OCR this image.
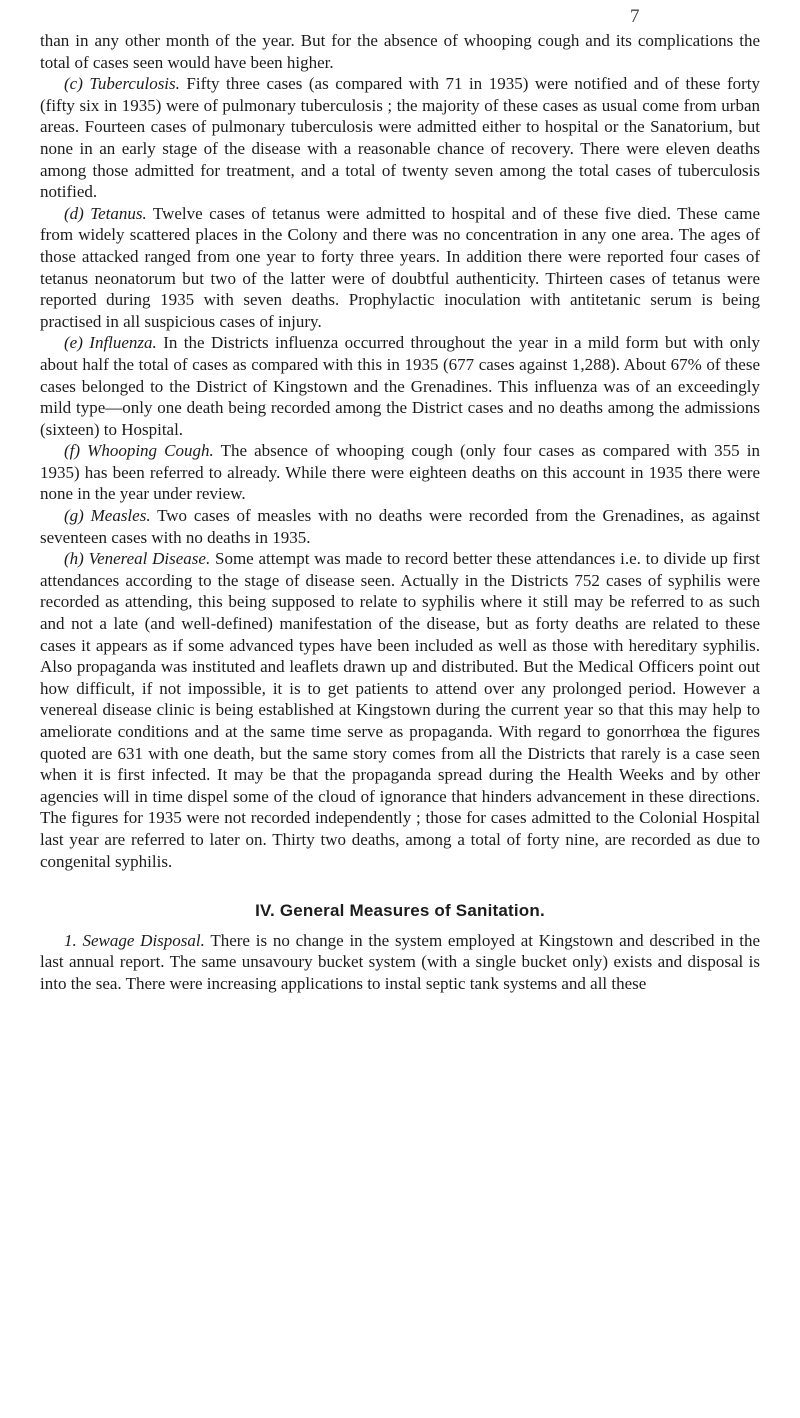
7

than in any other month of the year. But for the absence of whooping cough and its complications the total of cases seen would have been higher.

(c) Tuberculosis. Fifty three cases (as compared with 71 in 1935) were notified and of these forty (fifty six in 1935) were of pulmonary tuberculosis ; the majority of these cases as usual come from urban areas. Fourteen cases of pulmonary tuberculosis were admitted either to hospital or the Sanatorium, but none in an early stage of the disease with a reasonable chance of recovery. There were eleven deaths among those admitted for treatment, and a total of twenty seven among the total cases of tuberculosis notified.

(d) Tetanus. Twelve cases of tetanus were admitted to hospital and of these five died. These came from widely scattered places in the Colony and there was no concentration in any one area. The ages of those attacked ranged from one year to forty three years. In addition there were reported four cases of tetanus neonatorum but two of the latter were of doubtful authenticity. Thirteen cases of tetanus were reported during 1935 with seven deaths. Prophylactic inoculation with antitetanic serum is being practised in all suspicious cases of injury.

(e) Influenza. In the Districts influenza occurred throughout the year in a mild form but with only about half the total of cases as compared with this in 1935 (677 cases against 1,288). About 67% of these cases belonged to the District of Kingstown and the Grenadines. This influenza was of an exceedingly mild type—only one death being recorded among the District cases and no deaths among the admissions (sixteen) to Hospital.

(f) Whooping Cough. The absence of whooping cough (only four cases as compared with 355 in 1935) has been referred to already. While there were eighteen deaths on this account in 1935 there were none in the year under review.

(g) Measles. Two cases of measles with no deaths were recorded from the Grenadines, as against seventeen cases with no deaths in 1935.

(h) Venereal Disease. Some attempt was made to record better these attendances i.e. to divide up first attendances according to the stage of disease seen. Actually in the Districts 752 cases of syphilis were recorded as attending, this being supposed to relate to syphilis where it still may be referred to as such and not a late (and well-defined) manifestation of the disease, but as forty deaths are related to these cases it appears as if some advanced types have been included as well as those with hereditary syphilis. Also propaganda was instituted and leaflets drawn up and distributed. But the Medical Officers point out how difficult, if not impossible, it is to get patients to attend over any prolonged period. However a venereal disease clinic is being established at Kingstown during the current year so that this may help to ameliorate conditions and at the same time serve as propaganda. With regard to gonorrhœa the figures quoted are 631 with one death, but the same story comes from all the Districts that rarely is a case seen when it is first infected. It may be that the propaganda spread during the Health Weeks and by other agencies will in time dispel some of the cloud of ignorance that hinders advancement in these directions. The figures for 1935 were not recorded independently ; those for cases admitted to the Colonial Hospital last year are referred to later on. Thirty two deaths, among a total of forty nine, are recorded as due to congenital syphilis.

IV. General Measures of Sanitation.

1. Sewage Disposal. There is no change in the system employed at Kingstown and described in the last annual report. The same unsavoury bucket system (with a single bucket only) exists and disposal is into the sea. There were increasing applications to instal septic tank systems and all these
